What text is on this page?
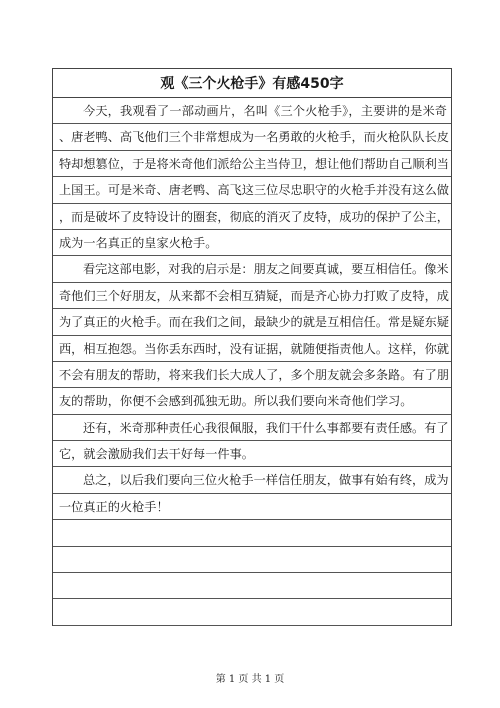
观《三个火枪手》有感450字
今天，我观看了一部动画片，名叫《三个火枪手》，主要讲的是米奇
、唐老鸭、高飞他们三个非常想成为一名勇敢的火枪手，而火枪队队长皮
特却想篡位，于是将米奇他们派给公主当侍卫，想让他们帮助自己顺利当
上国王。可是米奇、唐老鸭、高飞这三位尽忠职守的火枪手并没有这么做
，而是破坏了皮特设计的圈套，彻底的消灭了皮特，成功的保护了公主，
成为一名真正的皇家火枪手。
看完这部电影，对我的启示是：朋友之间要真诚，要互相信任。像米
奇他们三个好朋友，从来都不会相互猜疑，而是齐心协力打败了皮特，成
为了真正的火枪手。而在我们之间，最缺少的就是互相信任。常是疑东疑
西，相互抱怨。当你丢东西时，没有证据，就随便指责他人。这样，你就
不会有朋友的帮助，将来我们长大成人了，多个朋友就会多条路。有了朋
友的帮助，你便不会感到孤独无助。所以我们要向米奇他们学习。
还有，米奇那种责任心我很佩服，我们干什么事都要有责任感。有了
它，就会激励我们去干好每一件事。
总之，以后我们要向三位火枪手一样信任朋友，做事有始有终，成为
一位真正的火枪手！
第 1 页 共 1 页
